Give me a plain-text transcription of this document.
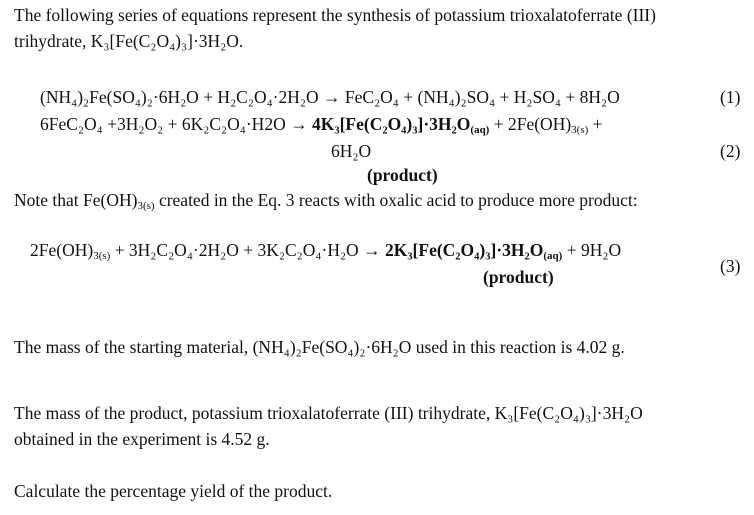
The following series of equations represent the synthesis of potassium trioxalatoferrate (III)
trihydrate, K₃[Fe(C₂O₄)₃]·3H₂O.
(NH₄)₂Fe(SO₄)₂·6H₂O + H₂C₂O₄·2H₂O → FeC₂O₄ + (NH₄)₂SO₄ + H₂SO₄ + 8H₂O	(1)
$6FeC_2O_4 +3H_2O_2 + 6K_2C_2O_4\cdot H2O \to 4K_3[Fe(C_2O_4)_3]\cdot 3H_2O_{(aq)} + 2Fe(OH)_{3(s)}$ +
6H₂O	(2)
(product)
Note that $Fe(OH)_{3(s)}$ created in the Eq. 3 reacts with oxalic acid to produce more product:
$2Fe(OH)_{3(s)} + 3H_2C_2O_4\cdot 2H_2O + 3K_2C_2O_4\cdot H_2O \to 2K_3[Fe(C_2O_4)_3]\cdot 3H_2O_{(aq)} + 9H_2O$
(3)
(product)
The mass of the starting material, (NH₄)₂Fe(SO₄)₂·6H₂O used in this reaction is 4.02 g.
The mass of the product, potassium trioxalatoferrate (III) trihydrate, K₃[Fe(C₂O₄)₃]·3H₂O
obtained in the experiment is 4.52 g.
Calculate the percentage yield of the product.
